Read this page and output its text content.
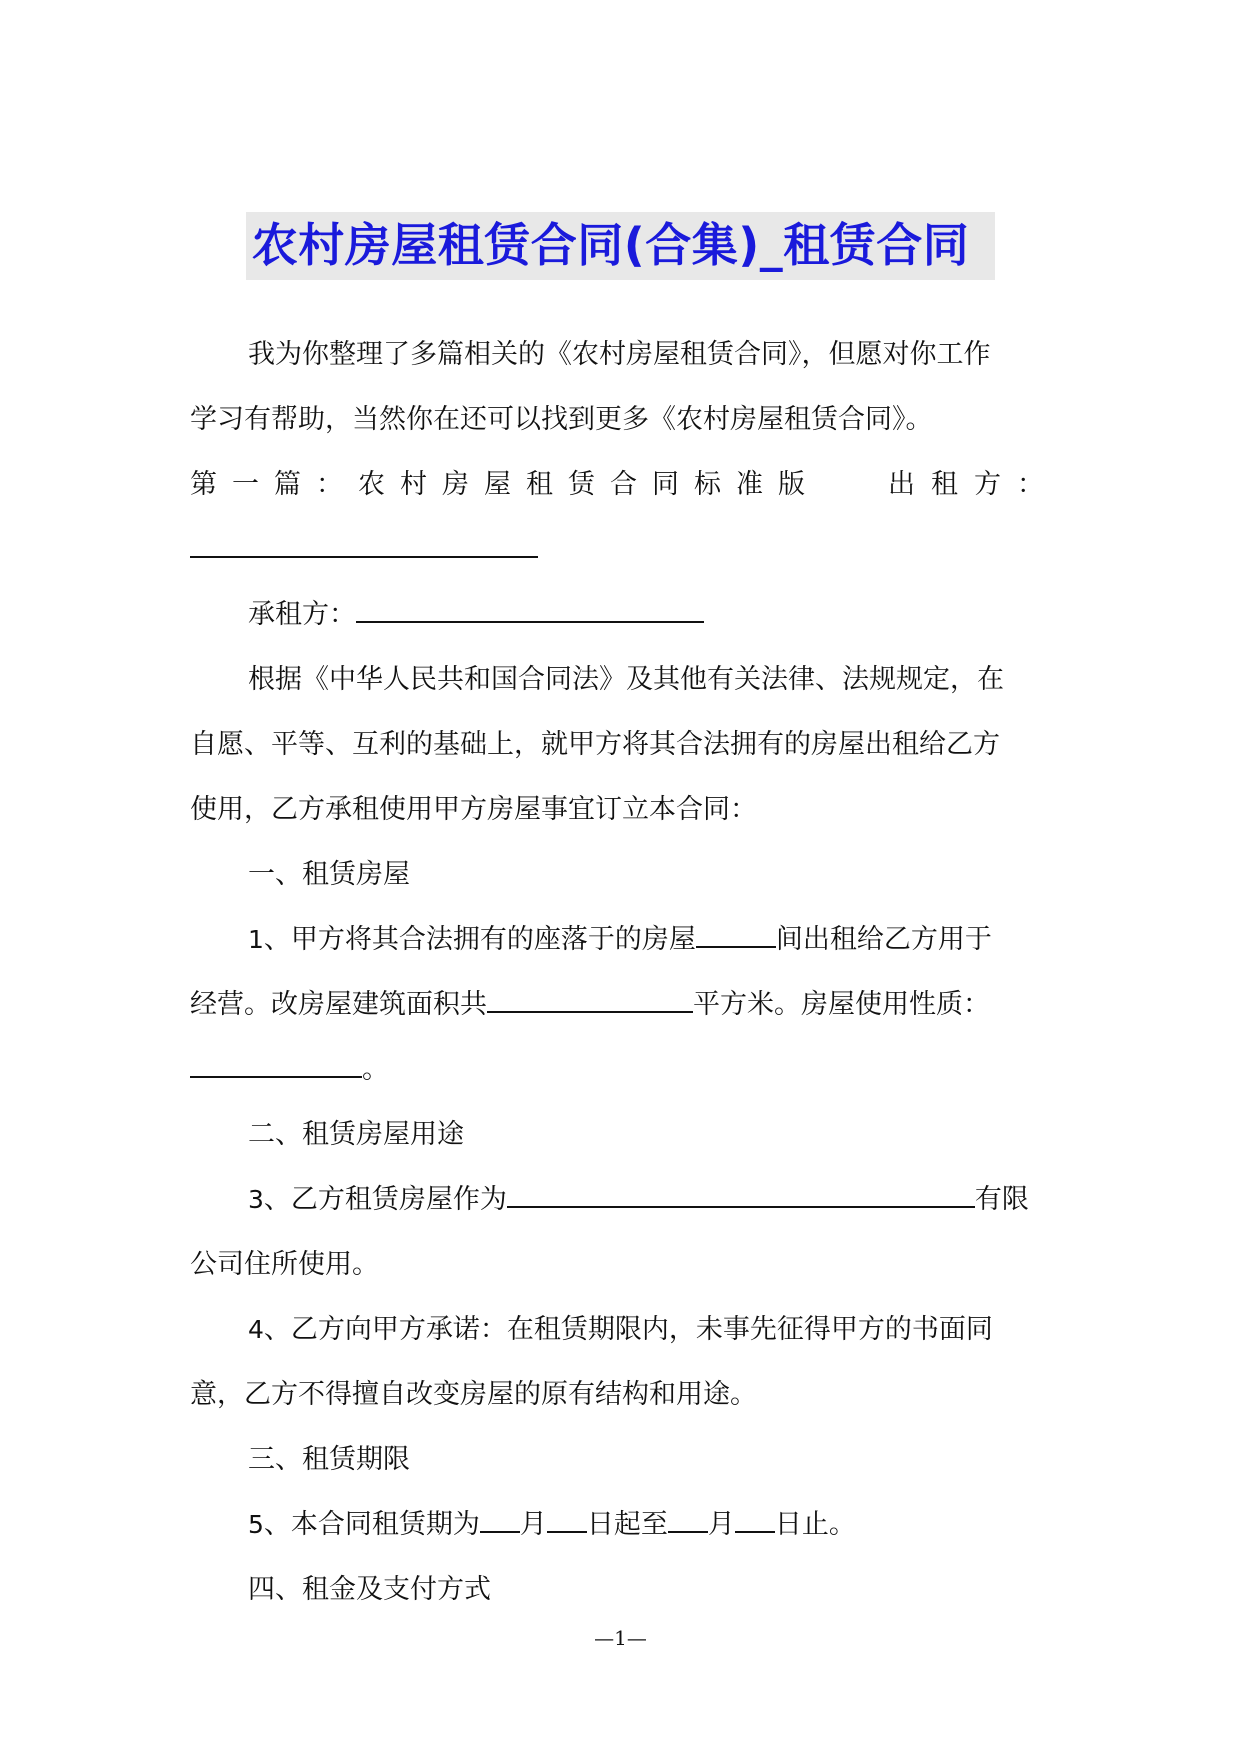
农村房屋租赁合同(合集)_租赁合同

我为你整理了多篇相关的《农村房屋租赁合同》，但愿对你工作

学习有帮助，当然你在还可以找到更多《农村房屋租赁合同》。

第一篇：农村房屋租赁合同标准版	出租方：

承租方：

根据《中华人民共和国合同法》及其他有关法律、法规规定，在

自愿、平等、互利的基础上，就甲方将其合法拥有的房屋出租给乙方

使用，乙方承租使用甲方房屋事宜订立本合同：

一、租赁房屋

1、甲方将其合法拥有的座落于的房屋	间出租给乙方用于

经营。改房屋建筑面积共	平方米。房屋使用性质：

。

二、租赁房屋用途

3、乙方租赁房屋作为	有限

公司住所使用。

4、乙方向甲方承诺：在租赁期限内，未事先征得甲方的书面同

意，乙方不得擅自改变房屋的原有结构和用途。

三、租赁期限

5、本合同租赁期为 月 日起至 月 日止。

四、租金及支付方式

—1—
